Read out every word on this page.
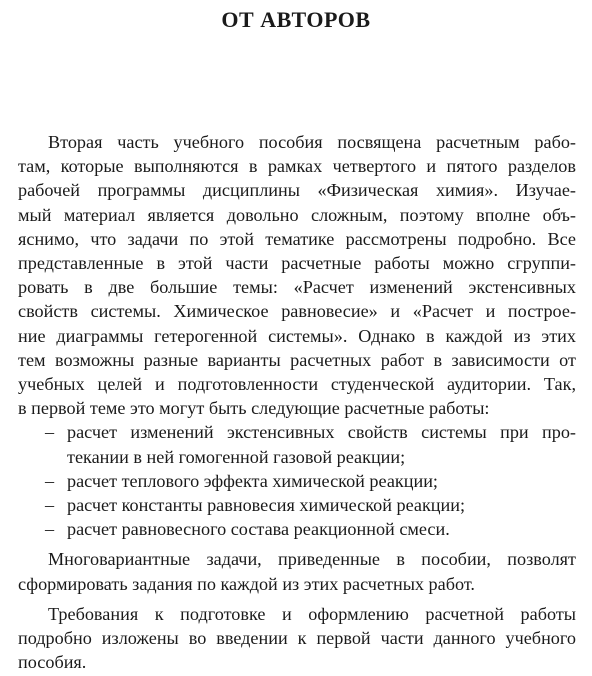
ОТ АВТОРОВ
Вторая часть учебного пособия посвящена расчетным рабо-
там, которые выполняются в рамках четвертого и пятого разделов
рабочей программы дисциплины «Физическая химия». Изучае-
мый материал является довольно сложным, поэтому вполне объ-
яснимо, что задачи по этой тематике рассмотрены подробно. Все
представленные в этой части расчетные работы можно сгруппи-
ровать в две большие темы: «Расчет изменений экстенсивных
свойств системы. Химическое равновесие» и «Расчет и построе-
ние диаграммы гетерогенной системы». Однако в каждой из этих
тем возможны разные варианты расчетных работ в зависимости от
учебных целей и подготовленности студенческой аудитории. Так,
в первой теме это могут быть следующие расчетные работы:
– расчет изменений экстенсивных свойств системы при про-
текании в ней гомогенной газовой реакции;
– расчет теплового эффекта химической реакции;
– расчет константы равновесия химической реакции;
– расчет равновесного состава реакционной смеси.
Многовариантные задачи, приведенные в пособии, позволят
сформировать задания по каждой из этих расчетных работ.
Требования к подготовке и оформлению расчетной работы
подробно изложены во введении к первой части данного учебного
пособия.
